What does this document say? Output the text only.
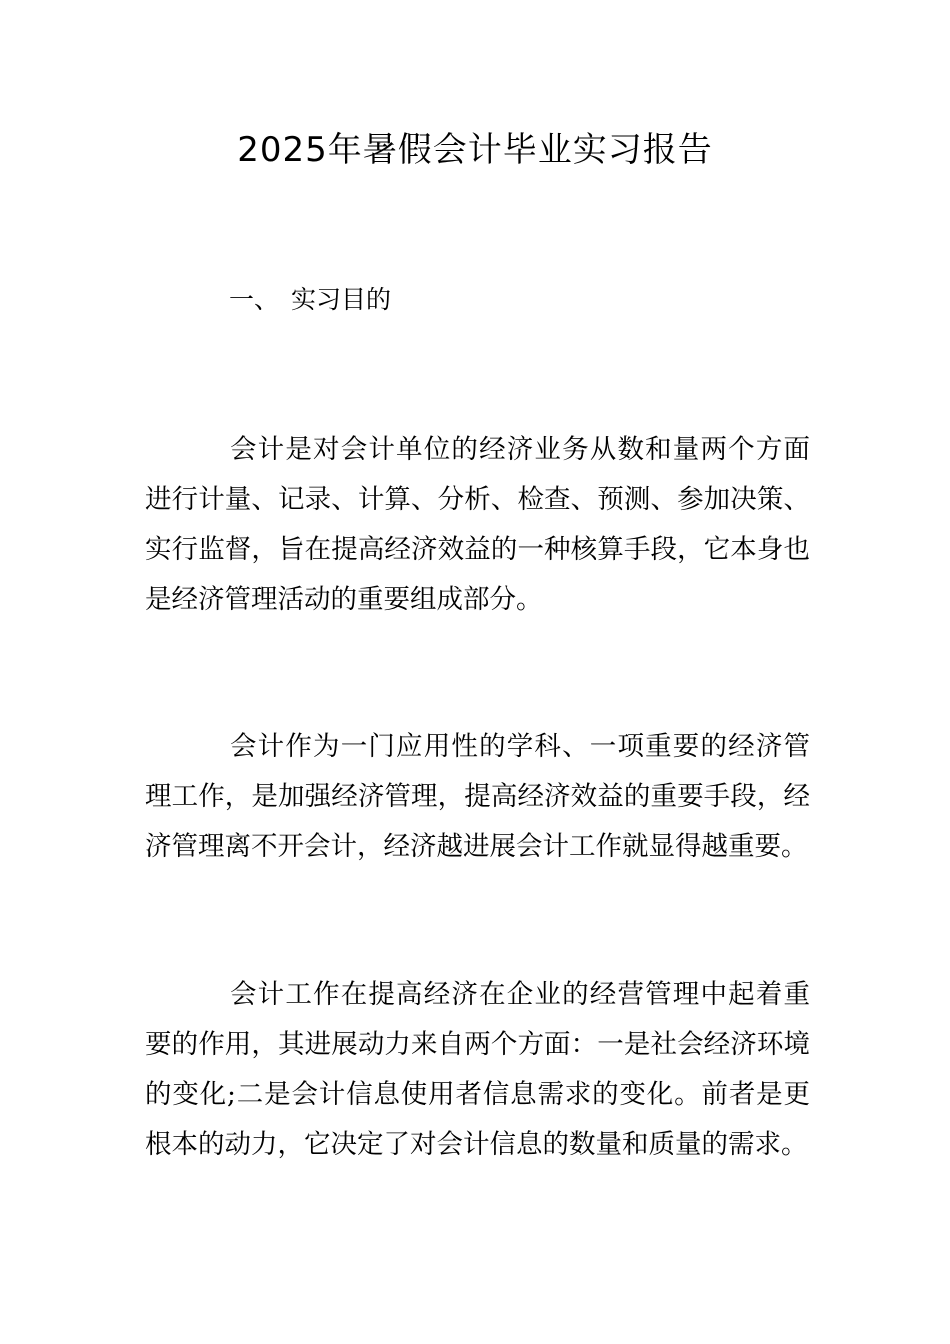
2025年暑假会计毕业实习报告
一、 实习目的

会计是对会计单位的经济业务从数和量两个方面进行计量、记录、计算、分析、检查、预测、参加决策、实行监督，旨在提高经济效益的一种核算手段，它本身也是经济管理活动的重要组成部分。

会计作为一门应用性的学科、一项重要的经济管理工作，是加强经济管理，提高经济效益的重要手段，经济管理离不开会计，经济越进展会计工作就显得越重要。

会计工作在提高经济在企业的经营管理中起着重要的作用，其进展动力来自两个方面：一是社会经济环境的变化;二是会计信息使用者信息需求的变化。前者是更根本的动力，它决定了对会计信息的数量和质量的需求。
